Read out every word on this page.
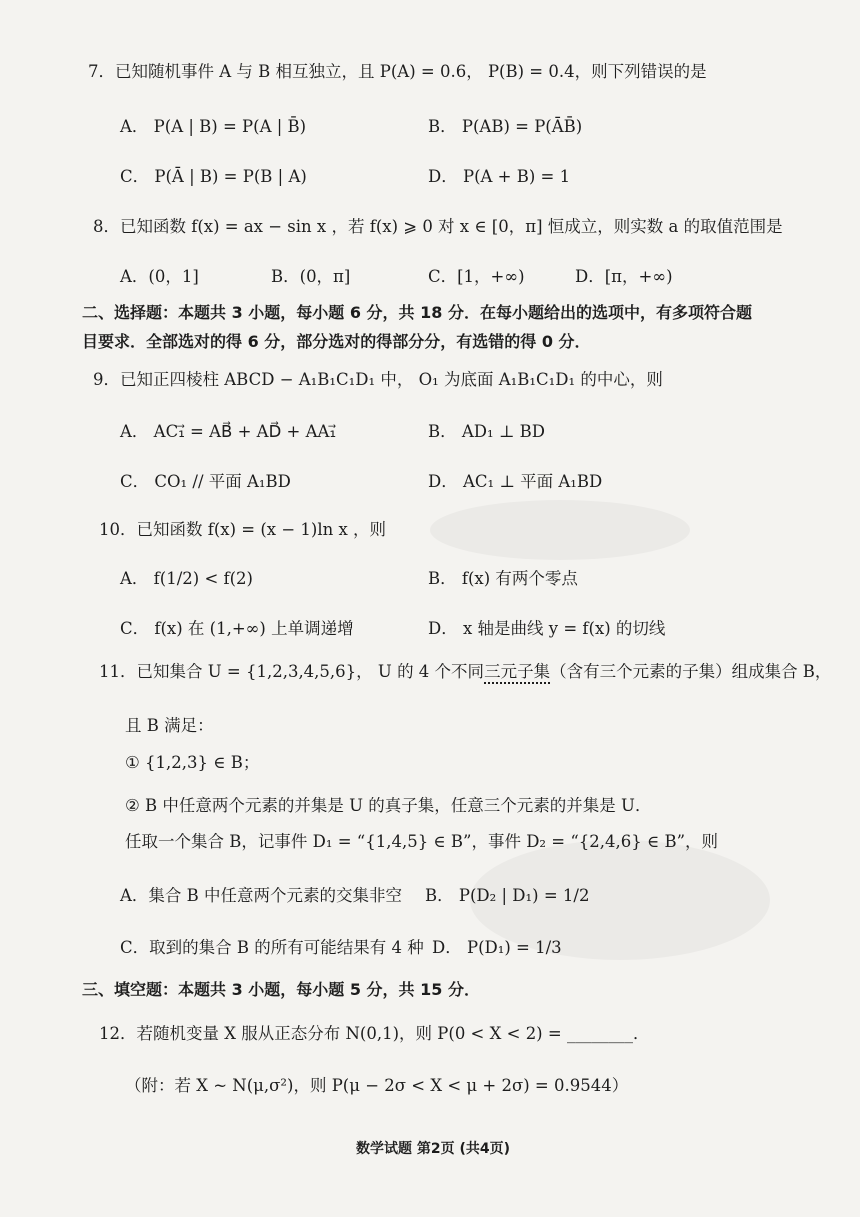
7．已知随机事件 A 与 B 相互独立，且 P(A) = 0.6， P(B) = 0.4，则下列错误的是
A． P(A | B) = P(A | B̄)	B． P(AB) = P(ĀB̄)
C． P(Ā | B) = P(B | A)	D． P(A + B) = 1
8．已知函数 f(x) = ax − sin x ，若 f(x) ⩾ 0 对 x ∈ [0，π] 恒成立，则实数 a 的取值范围是
A．(0，1]	B．(0，π]	C．[1，+∞)	D．[π，+∞)
二、选择题：本题共 3 小题，每小题 6 分，共 18 分．在每小题给出的选项中，有多项符合题
目要求．全部选对的得 6 分，部分选对的得部分分，有选错的得 0 分．
9．已知正四棱柱 ABCD − A₁B₁C₁D₁ 中， O₁ 为底面 A₁B₁C₁D₁ 的中心，则
A． AC₁⃗ = AB⃗ + AD⃗ + AA₁⃗	B． AD₁ ⊥ BD
C． CO₁ // 平面 A₁BD	D． AC₁ ⊥ 平面 A₁BD
10．已知函数 f(x) = (x − 1)ln x ，则
A． f(1/2) < f(2)	B． f(x) 有两个零点
C． f(x) 在 (1,+∞) 上单调递增	D． x 轴是曲线 y = f(x) 的切线
11．已知集合 U = {1,2,3,4,5,6}， U 的 4 个不同三元子集（含有三个元素的子集）组成集合 B，
且 B 满足：
① {1,2,3} ∈ B；
② B 中任意两个元素的并集是 U 的真子集，任意三个元素的并集是 U．
任取一个集合 B，记事件 D₁ = “{1,4,5} ∈ B”，事件 D₂ = “{2,4,6} ∈ B”，则
A．集合 B 中任意两个元素的交集非空 B． P(D₂ | D₁) = 1/2
C．取到的集合 B 的所有可能结果有 4 种 D． P(D₁) = 1/3
三、填空题：本题共 3 小题，每小题 5 分，共 15 分．
12．若随机变量 X 服从正态分布 N(0,1)，则 P(0 < X < 2) = ________．
（附：若 X ~ N(μ,σ²)，则 P(μ − 2σ < X < μ + 2σ) = 0.9544）
数学试题 第2页 (共4页)
